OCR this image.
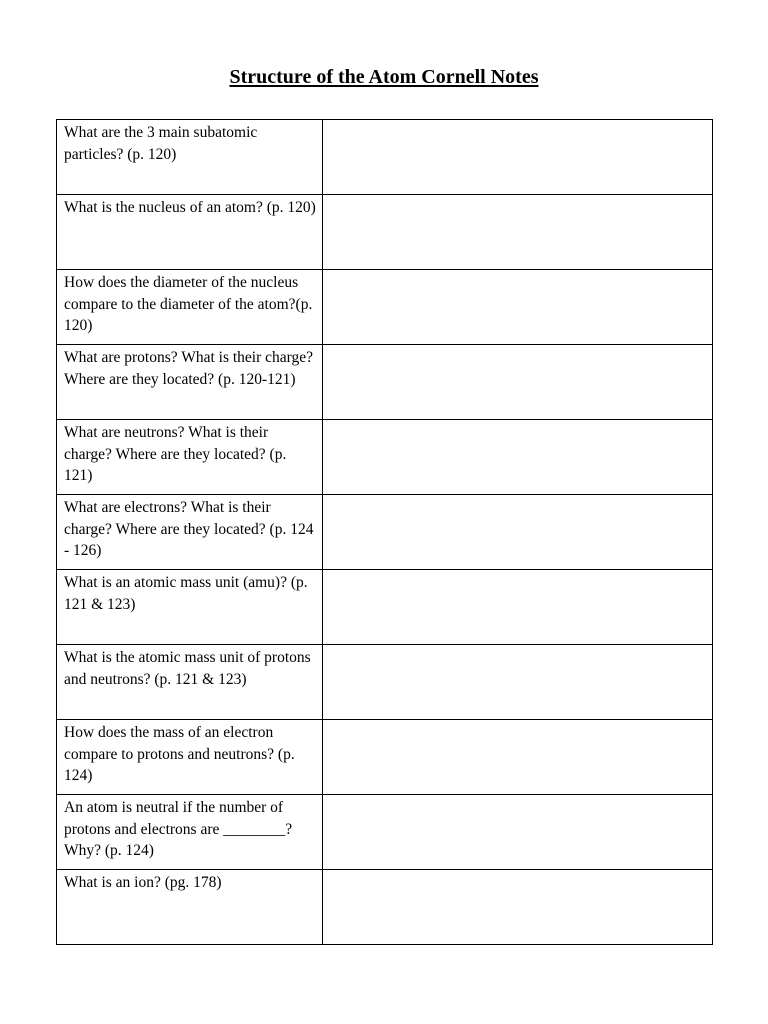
Structure of the Atom Cornell Notes
What are the 3 main subatomic particles? (p. 120)	

What is the nucleus of an atom? (p. 120)	

How does the diameter of the nucleus compare to the diameter of the atom?(p. 120)	

What are protons? What is their charge? Where are they located? (p. 120-121)	

What are neutrons? What is their charge? Where are they located? (p. 121)	

What are electrons? What is their charge? Where are they located? (p. 124 - 126)	

What is an atomic mass unit (amu)? (p. 121 & 123)	

What is the atomic mass unit of protons and neutrons? (p. 121 & 123)	

How does the mass of an electron compare to protons and neutrons? (p. 124)	

An atom is neutral if the number of protons and electrons are ________? Why? (p. 124)	

What is an ion? (pg. 178)	
